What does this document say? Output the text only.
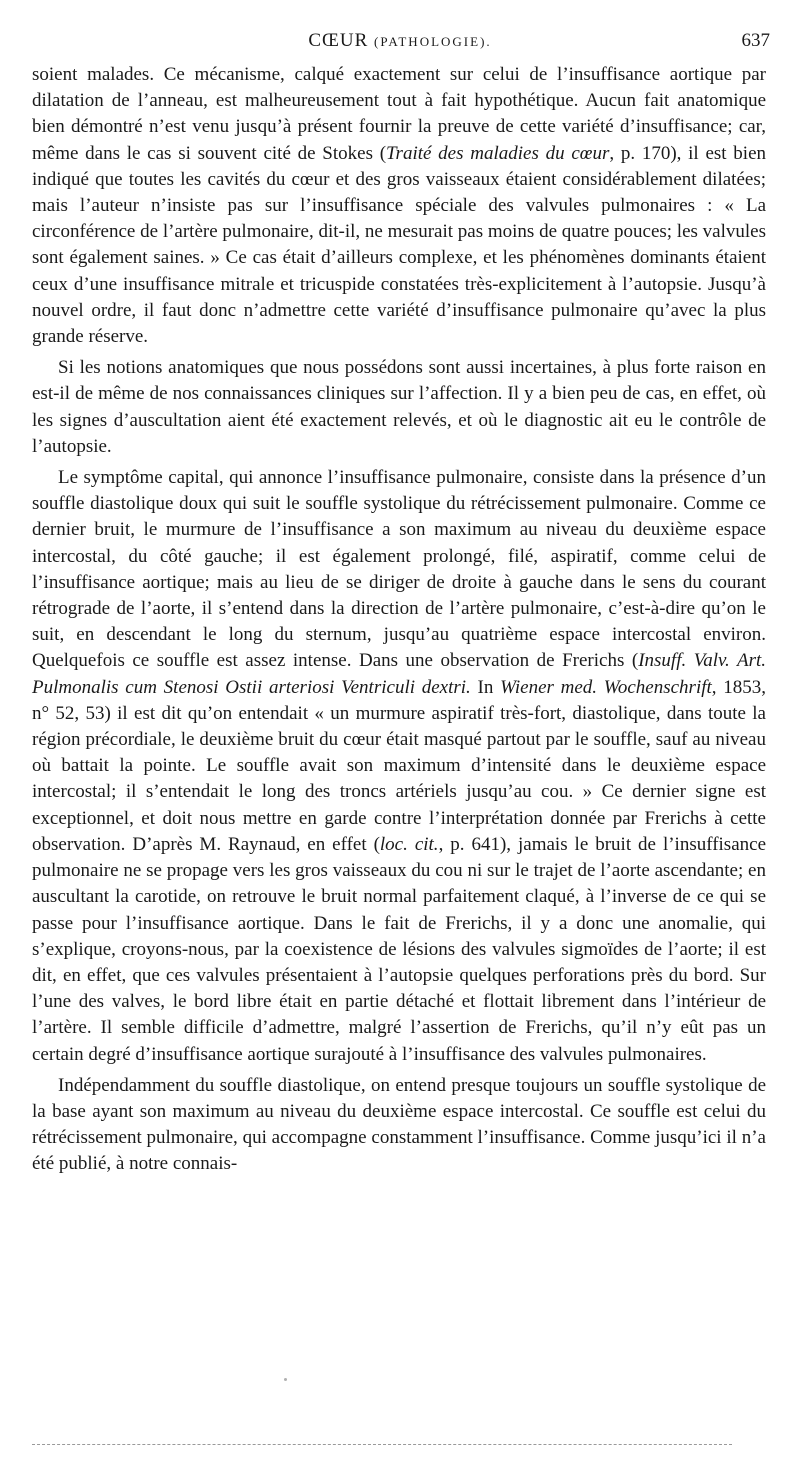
CŒUR (PATHOLOGIE).	637

soient malades. Ce mécanisme, calqué exactement sur celui de l’insuffisance aortique par dilatation de l’anneau, est malheureusement tout à fait hypothétique. Aucun fait anatomique bien démontré n’est venu jusqu’à présent fournir la preuve de cette variété d’insuffisance; car, même dans le cas si souvent cité de Stokes (Traité des maladies du cœur, p. 170), il est bien indiqué que toutes les cavités du cœur et des gros vaisseaux étaient considérablement dilatées; mais l’auteur n’insiste pas sur l’insuffisance spéciale des valvules pulmonaires : « La circonférence de l’artère pulmonaire, dit-il, ne mesurait pas moins de quatre pouces; les valvules sont également saines. » Ce cas était d’ailleurs complexe, et les phénomènes dominants étaient ceux d’une insuffisance mitrale et tricuspide constatées très-explicitement à l’autopsie. Jusqu’à nouvel ordre, il faut donc n’admettre cette variété d’insuffisance pulmonaire qu’avec la plus grande réserve.

Si les notions anatomiques que nous possédons sont aussi incertaines, à plus forte raison en est-il de même de nos connaissances cliniques sur l’affection. Il y a bien peu de cas, en effet, où les signes d’auscultation aient été exactement relevés, et où le diagnostic ait eu le contrôle de l’autopsie.

Le symptôme capital, qui annonce l’insuffisance pulmonaire, consiste dans la présence d’un souffle diastolique doux qui suit le souffle systolique du rétrécissement pulmonaire. Comme ce dernier bruit, le murmure de l’insuffisance a son maximum au niveau du deuxième espace intercostal, du côté gauche; il est également prolongé, filé, aspiratif, comme celui de l’insuffisance aortique; mais au lieu de se diriger de droite à gauche dans le sens du courant rétrograde de l’aorte, il s’entend dans la direction de l’artère pulmonaire, c’est-à-dire qu’on le suit, en descendant le long du sternum, jusqu’au quatrième espace intercostal environ. Quelquefois ce souffle est assez intense. Dans une observation de Frerichs (Insuff. Valv. Art. Pulmonalis cum Stenosi Ostii arteriosi Ventriculi dextri. In Wiener med. Wochenschrift, 1853, n° 52, 53) il est dit qu’on entendait « un murmure aspiratif très-fort, diastolique, dans toute la région précordiale, le deuxième bruit du cœur était masqué partout par le souffle, sauf au niveau où battait la pointe. Le souffle avait son maximum d’intensité dans le deuxième espace intercostal; il s’entendait le long des troncs artériels jusqu’au cou. » Ce dernier signe est exceptionnel, et doit nous mettre en garde contre l’interprétation donnée par Frerichs à cette observation. D’après M. Raynaud, en effet (loc. cit., p. 641), jamais le bruit de l’insuffisance pulmonaire ne se propage vers les gros vaisseaux du cou ni sur le trajet de l’aorte ascendante; en auscultant la carotide, on retrouve le bruit normal parfaitement claqué, à l’inverse de ce qui se passe pour l’insuffisance aortique. Dans le fait de Frerichs, il y a donc une anomalie, qui s’explique, croyons-nous, par la coexistence de lésions des valvules sigmoïdes de l’aorte; il est dit, en effet, que ces valvules présentaient à l’autopsie quelques perforations près du bord. Sur l’une des valves, le bord libre était en partie détaché et flottait librement dans l’intérieur de l’artère. Il semble difficile d’admettre, malgré l’assertion de Frerichs, qu’il n’y eût pas un certain degré d’insuffisance aortique surajouté à l’insuffisance des valvules pulmonaires.

Indépendamment du souffle diastolique, on entend presque toujours un souffle systolique de la base ayant son maximum au niveau du deuxième espace intercostal. Ce souffle est celui du rétrécissement pulmonaire, qui accompagne constamment l’insuffisance. Comme jusqu’ici il n’a été publié, à notre connais-
